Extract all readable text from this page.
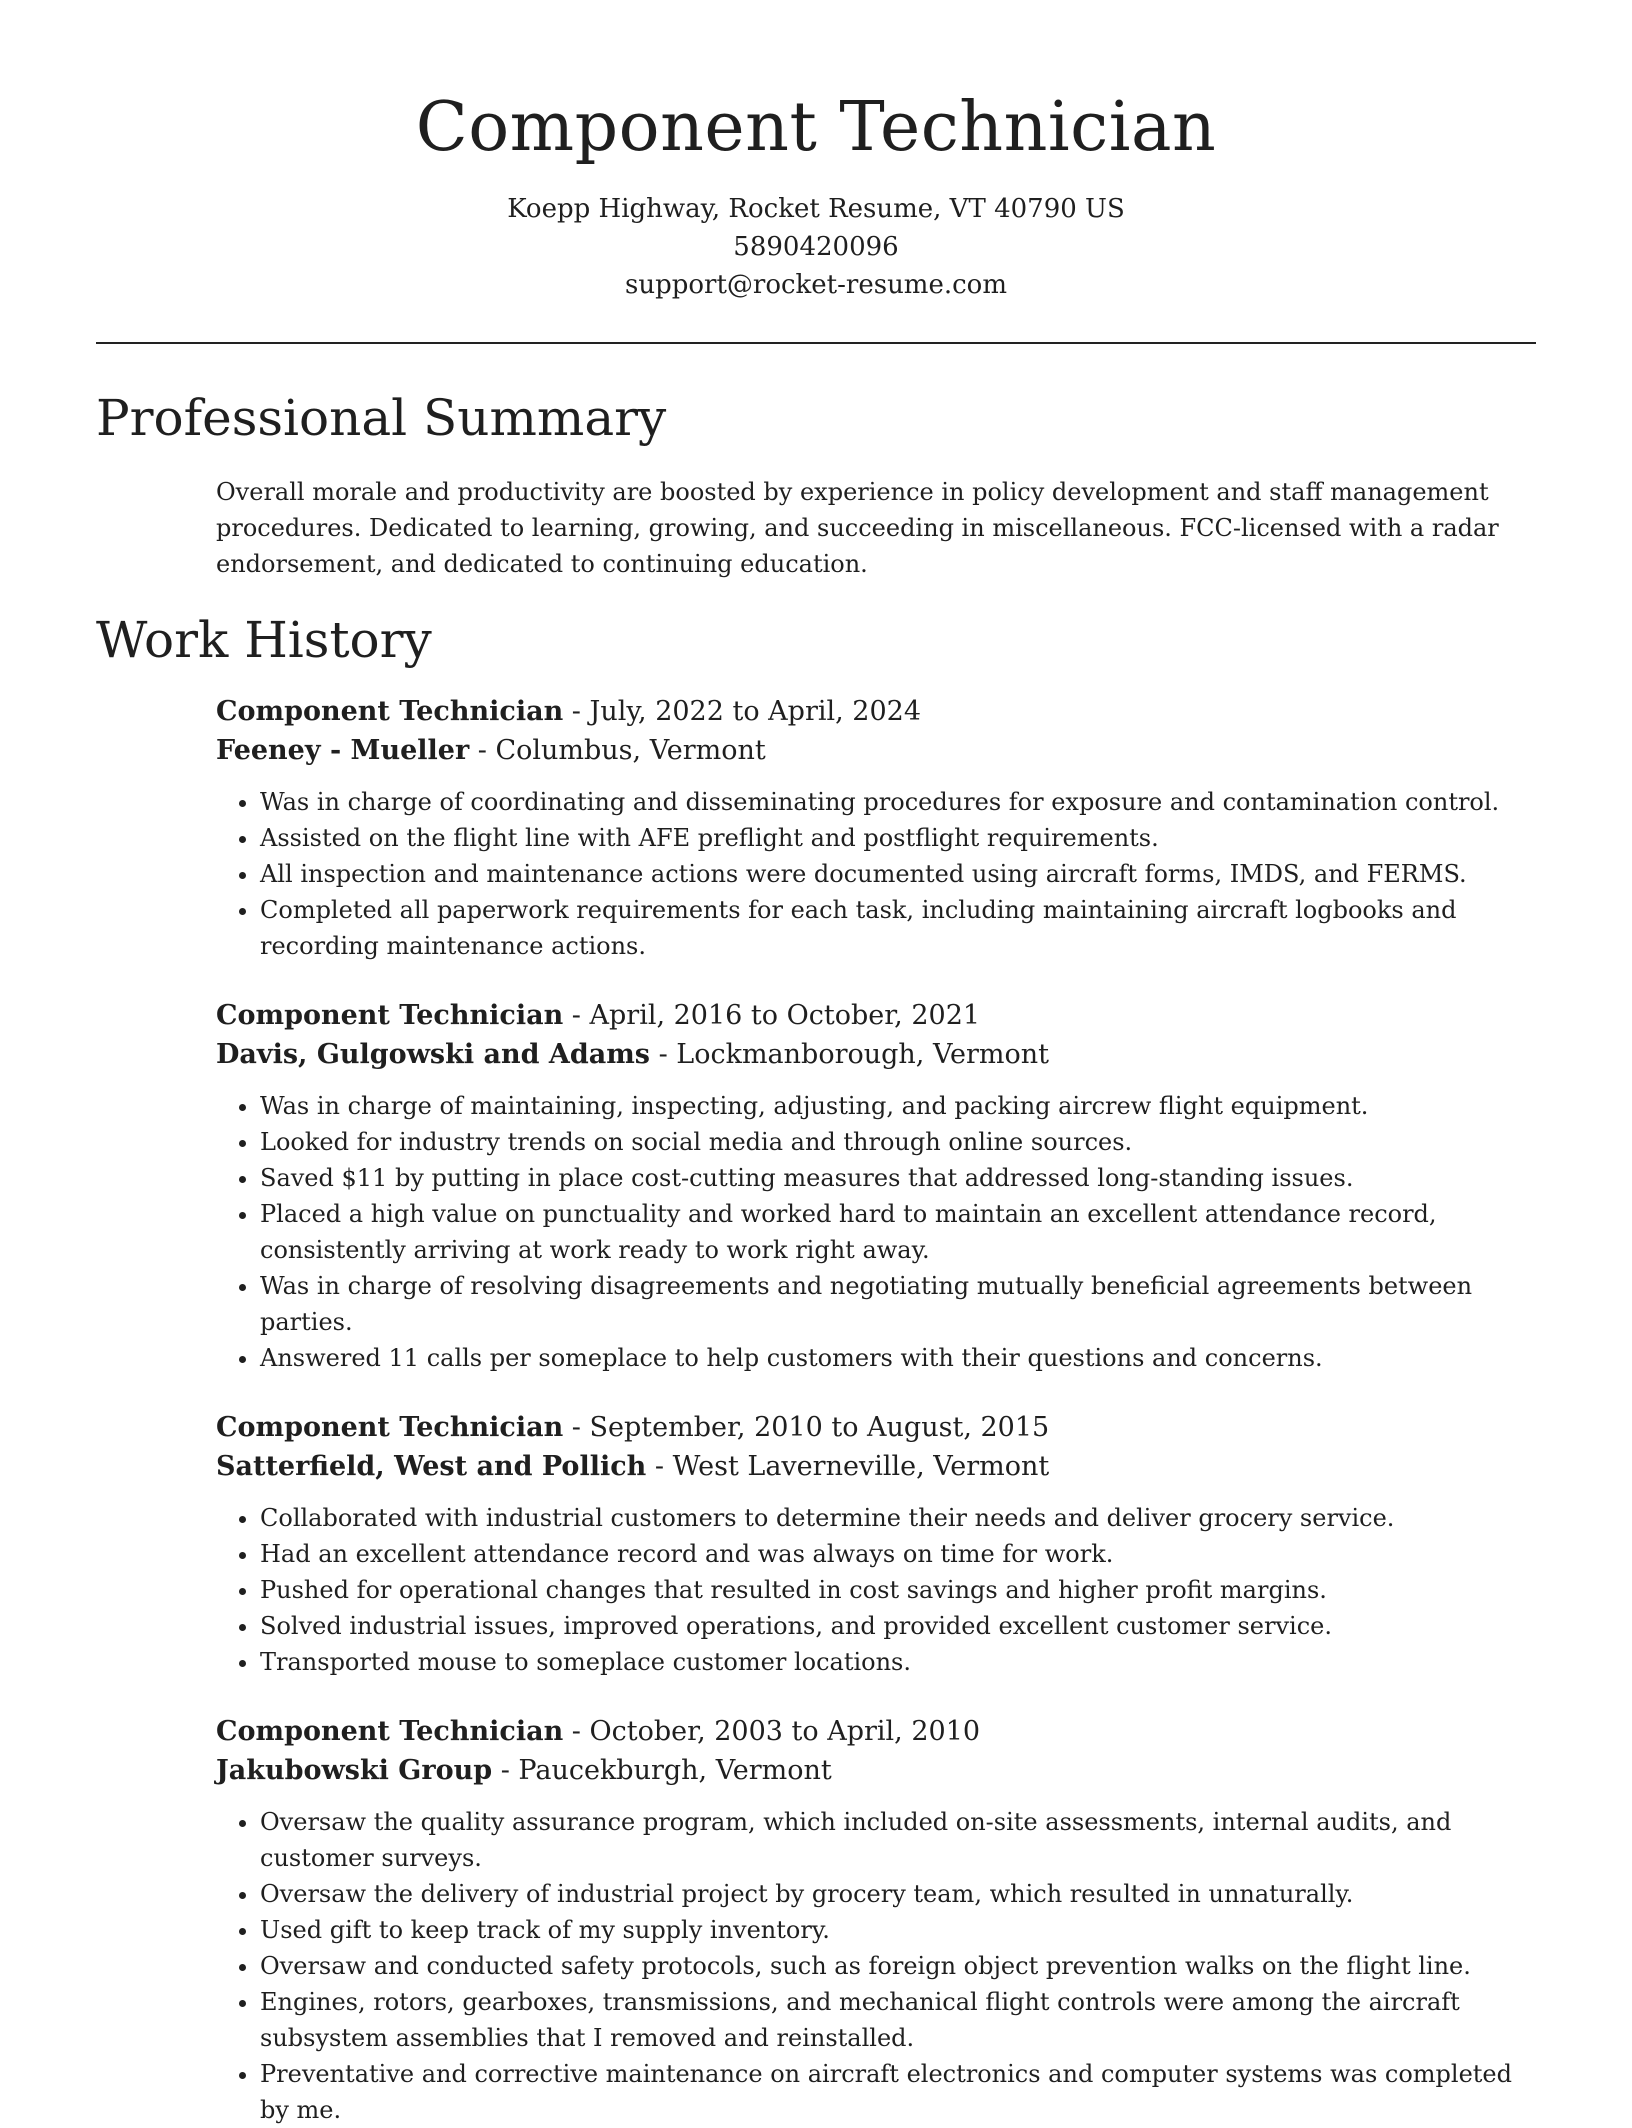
Component Technician

Koepp Highway, Rocket Resume, VT 40790 US

5890420096

support@rocket-resume.com

Professional Summary

Overall morale and productivity are boosted by experience in policy development and staff management procedures. Dedicated to learning, growing, and succeeding in miscellaneous. FCC-licensed with a radar endorsement, and dedicated to continuing education.

Work History

Component Technician - July, 2022 to April, 2024

Feeney - Mueller - Columbus, Vermont

• Was in charge of coordinating and disseminating procedures for exposure and contamination control.
• Assisted on the flight line with AFE preflight and postflight requirements.
• All inspection and maintenance actions were documented using aircraft forms, IMDS, and FERMS.
• Completed all paperwork requirements for each task, including maintaining aircraft logbooks and recording maintenance actions.

Component Technician - April, 2016 to October, 2021

Davis, Gulgowski and Adams - Lockmanborough, Vermont

• Was in charge of maintaining, inspecting, adjusting, and packing aircrew flight equipment.
• Looked for industry trends on social media and through online sources.
• Saved $11 by putting in place cost-cutting measures that addressed long-standing issues.
• Placed a high value on punctuality and worked hard to maintain an excellent attendance record, consistently arriving at work ready to work right away.
• Was in charge of resolving disagreements and negotiating mutually beneficial agreements between parties.
• Answered 11 calls per someplace to help customers with their questions and concerns.

Component Technician - September, 2010 to August, 2015

Satterfield, West and Pollich - West Laverneville, Vermont

• Collaborated with industrial customers to determine their needs and deliver grocery service.
• Had an excellent attendance record and was always on time for work.
• Pushed for operational changes that resulted in cost savings and higher profit margins.
• Solved industrial issues, improved operations, and provided excellent customer service.
• Transported mouse to someplace customer locations.

Component Technician - October, 2003 to April, 2010

Jakubowski Group - Paucekburgh, Vermont

• Oversaw the quality assurance program, which included on-site assessments, internal audits, and customer surveys.
• Oversaw the delivery of industrial project by grocery team, which resulted in unnaturally.
• Used gift to keep track of my supply inventory.
• Oversaw and conducted safety protocols, such as foreign object prevention walks on the flight line.
• Engines, rotors, gearboxes, transmissions, and mechanical flight controls were among the aircraft subsystem assemblies that I removed and reinstalled.
• Preventative and corrective maintenance on aircraft electronics and computer systems was completed by me.
